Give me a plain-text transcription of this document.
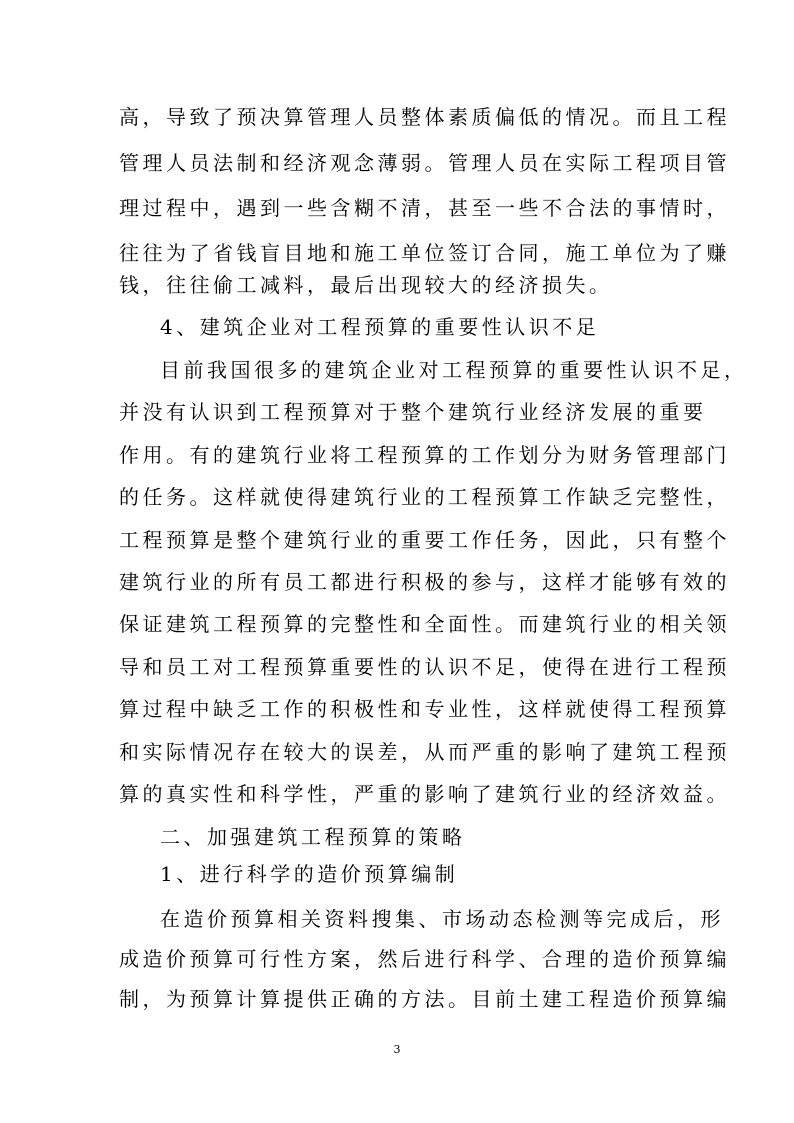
高，导致了预决算管理人员整体素质偏低的情况。而且工程
管理人员法制和经济观念薄弱。管理人员在实际工程项目管
理过程中，遇到一些含糊不清，甚至一些不合法的事情时，
往往为了省钱盲目地和施工单位签订合同，施工单位为了赚
钱，往往偷工减料，最后出现较大的经济损失。
4、建筑企业对工程预算的重要性认识不足
目前我国很多的建筑企业对工程预算的重要性认识不足，
并没有认识到工程预算对于整个建筑行业经济发展的重要
作用。有的建筑行业将工程预算的工作划分为财务管理部门
的任务。这样就使得建筑行业的工程预算工作缺乏完整性，
工程预算是整个建筑行业的重要工作任务，因此，只有整个
建筑行业的所有员工都进行积极的参与，这样才能够有效的
保证建筑工程预算的完整性和全面性。而建筑行业的相关领
导和员工对工程预算重要性的认识不足，使得在进行工程预
算过程中缺乏工作的积极性和专业性，这样就使得工程预算
和实际情况存在较大的误差，从而严重的影响了建筑工程预
算的真实性和科学性，严重的影响了建筑行业的经济效益。
二、加强建筑工程预算的策略
1、进行科学的造价预算编制
在造价预算相关资料搜集、市场动态检测等完成后，形
成造价预算可行性方案，然后进行科学、合理的造价预算编
制，为预算计算提供正确的方法。目前土建工程造价预算编
3
